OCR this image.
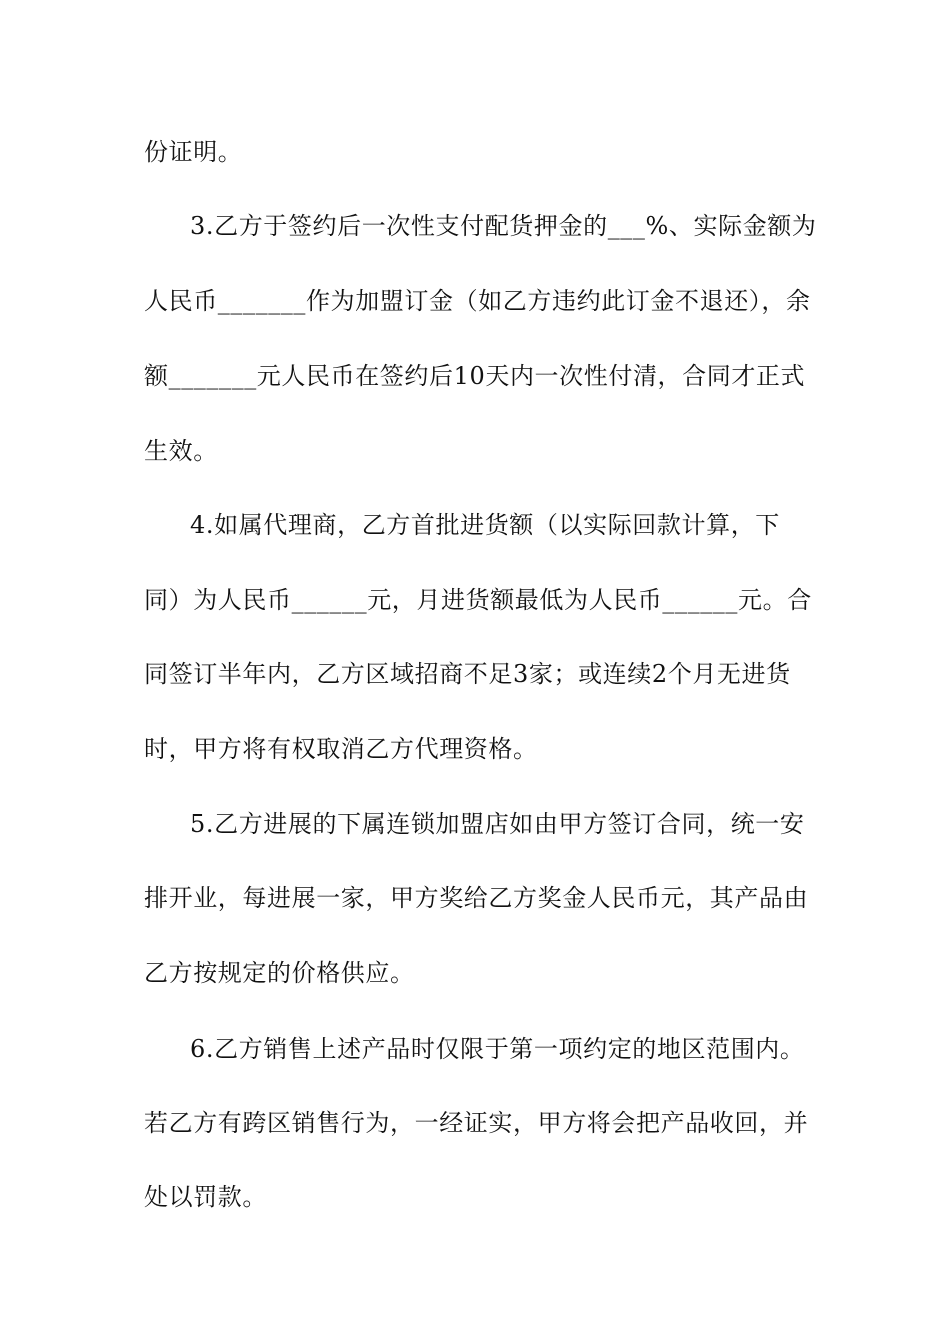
份证明。
3.乙方于签约后一次性支付配货押金的___%、实际金额为
人民币_______作为加盟订金（如乙方违约此订金不退还），余
额_______元人民币在签约后10天内一次性付清，合同才正式
生效。
4.如属代理商，乙方首批进货额（以实际回款计算，下
同）为人民币______元，月进货额最低为人民币______元。合
同签订半年内，乙方区域招商不足3家；或连续2个月无进货
时，甲方将有权取消乙方代理资格。
5.乙方进展的下属连锁加盟店如由甲方签订合同，统一安
排开业，每进展一家，甲方奖给乙方奖金人民币元，其产品由
乙方按规定的价格供应。
6.乙方销售上述产品时仅限于第一项约定的地区范围内。
若乙方有跨区销售行为，一经证实，甲方将会把产品收回，并
处以罚款。
